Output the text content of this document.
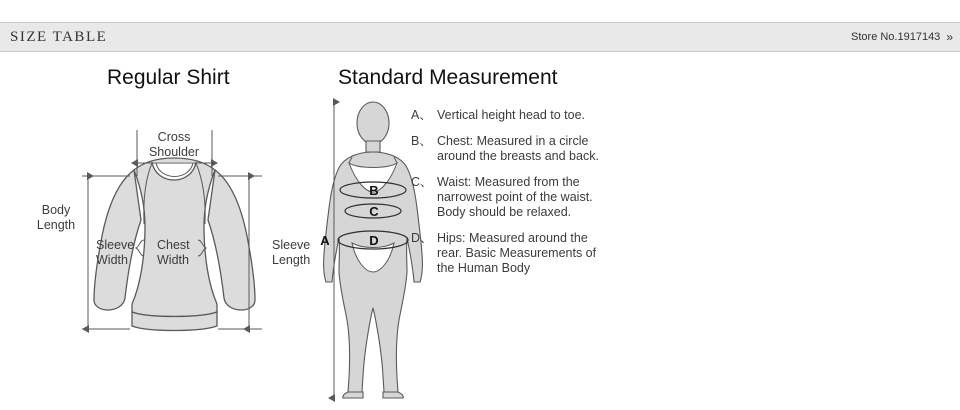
SIZE TABLE	Store No.1917143 »
Regular Shirt	Standard Measurement
Cross
Shoulder
Body
Length
Sleeve
Length
Sleeve
Width
Chest
Width
A
B
C
D
A、 Vertical height head to toe.
B、 Chest: Measured in a circle around the breasts and back.
C、 Waist: Measured from the narrowest point of the waist. Body should be relaxed.
D、 Hips: Measured around the rear. Basic Measurements of the Human Body
